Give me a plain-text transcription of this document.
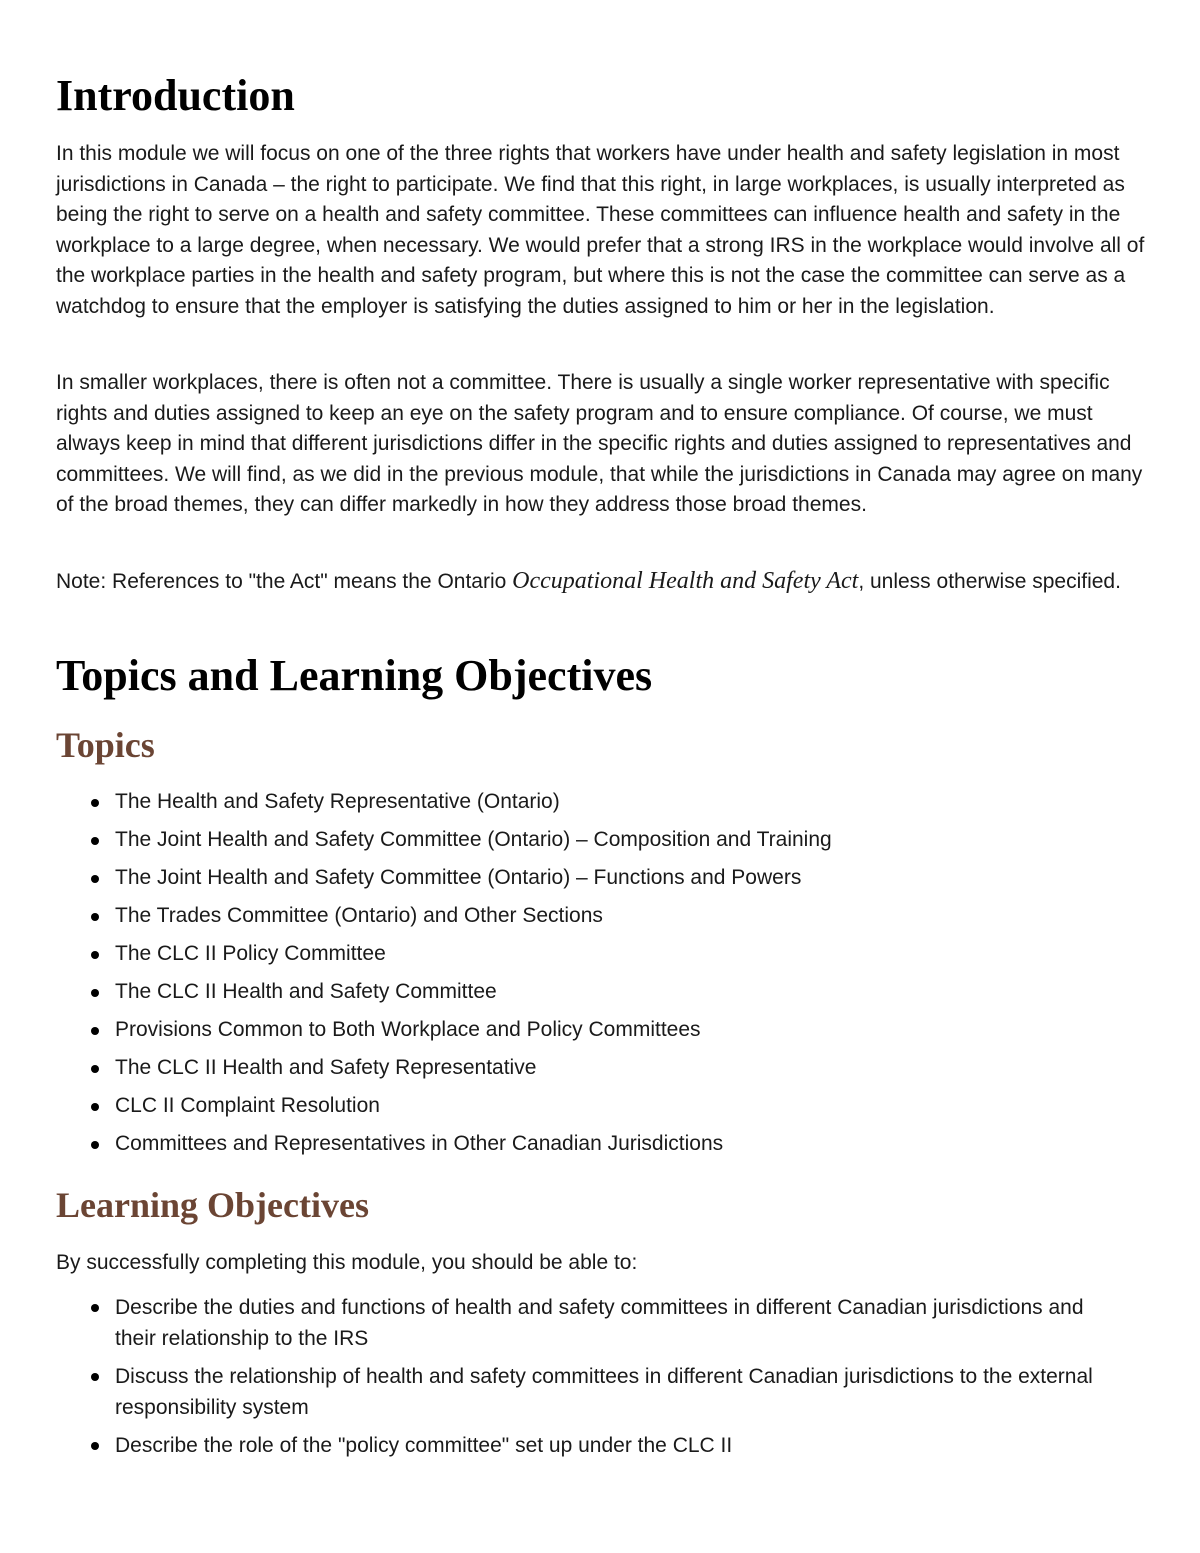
Introduction

In this module we will focus on one of the three rights that workers have under health and safety legislation in most jurisdictions in Canada – the right to participate. We find that this right, in large workplaces, is usually interpreted as being the right to serve on a health and safety committee. These committees can influence health and safety in the workplace to a large degree, when necessary. We would prefer that a strong IRS in the workplace would involve all of the workplace parties in the health and safety program, but where this is not the case the committee can serve as a watchdog to ensure that the employer is satisfying the duties assigned to him or her in the legislation.

In smaller workplaces, there is often not a committee. There is usually a single worker representative with specific rights and duties assigned to keep an eye on the safety program and to ensure compliance. Of course, we must always keep in mind that different jurisdictions differ in the specific rights and duties assigned to representatives and committees. We will find, as we did in the previous module, that while the jurisdictions in Canada may agree on many of the broad themes, they can differ markedly in how they address those broad themes.

Note: References to "the Act" means the Ontario Occupational Health and Safety Act, unless otherwise specified.

Topics and Learning Objectives
Topics
The Health and Safety Representative (Ontario)
The Joint Health and Safety Committee (Ontario) – Composition and Training
The Joint Health and Safety Committee (Ontario) – Functions and Powers
The Trades Committee (Ontario) and Other Sections
The CLC II Policy Committee
The CLC II Health and Safety Committee
Provisions Common to Both Workplace and Policy Committees
The CLC II Health and Safety Representative
CLC II Complaint Resolution
Committees and Representatives in Other Canadian Jurisdictions
Learning Objectives

By successfully completing this module, you should be able to:

Describe the duties and functions of health and safety committees in different Canadian jurisdictions and their relationship to the IRS
Discuss the relationship of health and safety committees in different Canadian jurisdictions to the external responsibility system
Describe the role of the "policy committee" set up under the CLC II
